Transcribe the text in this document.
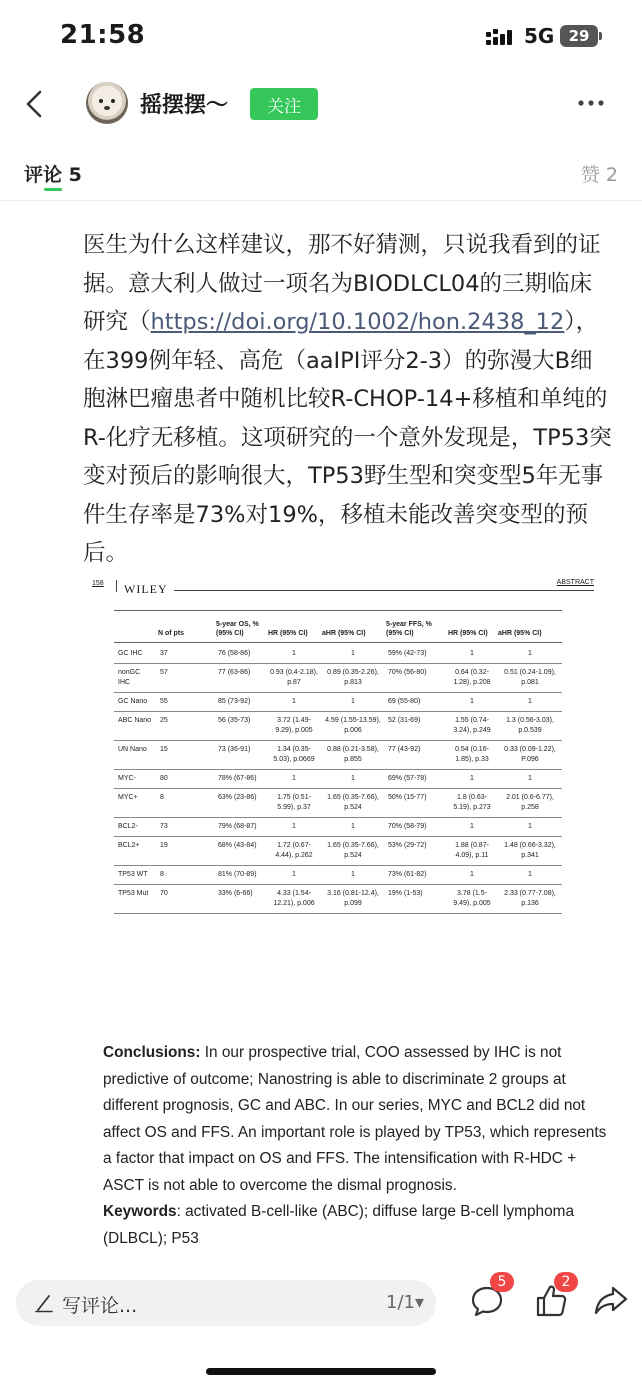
21:58	5G 29
摇摆摆～	关注
评论 5	赞 2
医生为什么这样建议，那不好猜测，只说我看到的证据。意大利人做过一项名为BIODLCL04的三期临床研究（https://doi.org/10.1002/hon.2438_12），在399例年轻、高危（aaIPI评分2-3）的弥漫大B细胞淋巴瘤患者中随机比较R-CHOP-14+移植和单纯的R-化疗无移植。这项研究的一个意外发现是，TP53突变对预后的影响很大，TP53野生型和突变型5年无事件生存率是73%对19%，移植未能改善突变型的预后。
158 WILEY	ABSTRACT
	N of pts	5-year OS, % (95% CI)	HR (95% CI)	aHR (95% CI)	5-year FFS, % (95% CI)	HR (95% CI)	aHR (95% CI)
GC IHC	37	76 (58-86)	1	1	59% (42-73)	1	1
nonGC IHC	57	77 (63-86)	0.93 (0.4-2.18), p.87	0.89 (0.35-2.26), p.813	70% (56-80)	0.64 (0.32-1.28), p.208	0.51 (0.24-1.09), p.081
GC Nano	55	85 (73-92)	1	1	69 (55-80)	1	1
ABC Nano	25	56 (35-73)	3.72 (1.49-9.29), p.005	4.59 (1.55-13.59), p.006	52 (31-69)	1.55 (0.74-3.24), p.249	1.3 (0.56-3.03), p.0.539
UN Nano	15	73 (36-91)	1.34 (0.35-5.03), p.0669	0.88 (0.21-3.58), p.855	77 (43-92)	0.54 (0.16-1.85), p.33	0.33 (0.09-1.22), P.096
MYC-	80	78% (67-86)	1	1	69% (57-78)	1	1
MYC+	8	63% (23-86)	1.75 (0.51-5.99), p.37	1.65 (0.35-7.66), p.524	50% (15-77)	1.8 (0.63-5.19), p.273	2.01 (0.6-6.77), p.258
BCL2-	73	79% (68-87)	1	1	70% (58-79)	1	1
BCL2+	19	68% (43-84)	1.72 (0.67-4.44), p.262	1.65 (0.35-7.66), p.524	53% (29-72)	1.88 (0.87-4.09), p.11	1.48 (0.66-3.32), p.341
TP53 WT	8	81% (70-89)	1	1	73% (61-82)	1	1
TP53 Mut	70	33% (6-66)	4.33 (1.54-12.21), p.006	3.16 (0.81-12.4), p.099	19% (1-53)	3.78 (1.5-9.49), p.005	2.33 (0.77-7.08), p.136
Conclusions: In our prospective trial, COO assessed by IHC is not predictive of outcome; Nanostring is able to discriminate 2 groups at different prognosis, GC and ABC. In our series, MYC and BCL2 did not affect OS and FFS. An important role is played by TP53, which represents a factor that impact on OS and FFS. The intensification with R-HDC + ASCT is not able to overcome the dismal prognosis.
Keywords: activated B-cell-like (ABC); diffuse large B-cell lymphoma (DLBCL); P53
写评论...	1/1▾
5	2
